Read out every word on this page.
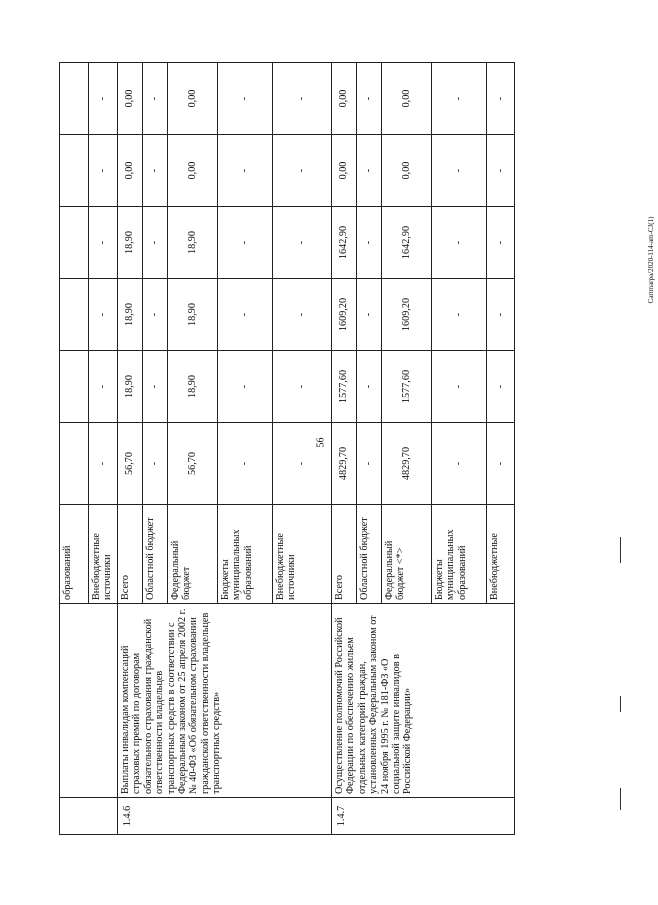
56
Cartmarpa/2020-114-am-CJ(1)
		образований							
		Внебюджетные источники	-	-	-	-	-	-	
1.4.6	Выплаты инвалидам компенсаций страховых премий по договорам обязательного страхования гражданской ответственности владельцев транспортных средств в соответствии с Федеральным законом от 25 апреля 2002 г. № 40-ФЗ «Об обязательном страховании гражданской ответственности владельцев транспортных средств»	Всего	56,70	18,90	18,90	18,90	0,00	0,00	
		Областной бюджет	-	-	-	-	-	-	
		Федеральный бюджет	56,70	18,90	18,90	18,90	0,00	0,00	
		Бюджеты муниципальных образований	-	-	-	-	-	-	
		Внебюджетные источники	-	-	-	-	-	-	
1.4.7	Осуществление полномочий Российской Федерации по обеспечению жильем отдельных категорий граждан, установленных Федеральным законом от 24 ноября 1995 г. № 181-ФЗ «О социальной защите инвалидов в Российской Федерации»	Всего	4829,70	1577,60	1609,20	1642,90	0,00	0,00	
		Областной бюджет	-	-	-	-	-	-	
		Федеральный бюджет <*>	4829,70	1577,60	1609,20	1642,90	0,00	0,00	
		Бюджеты муниципальных образований	-	-	-	-	-	-	
		Внебюджетные	-	-	-	-	-	-	
